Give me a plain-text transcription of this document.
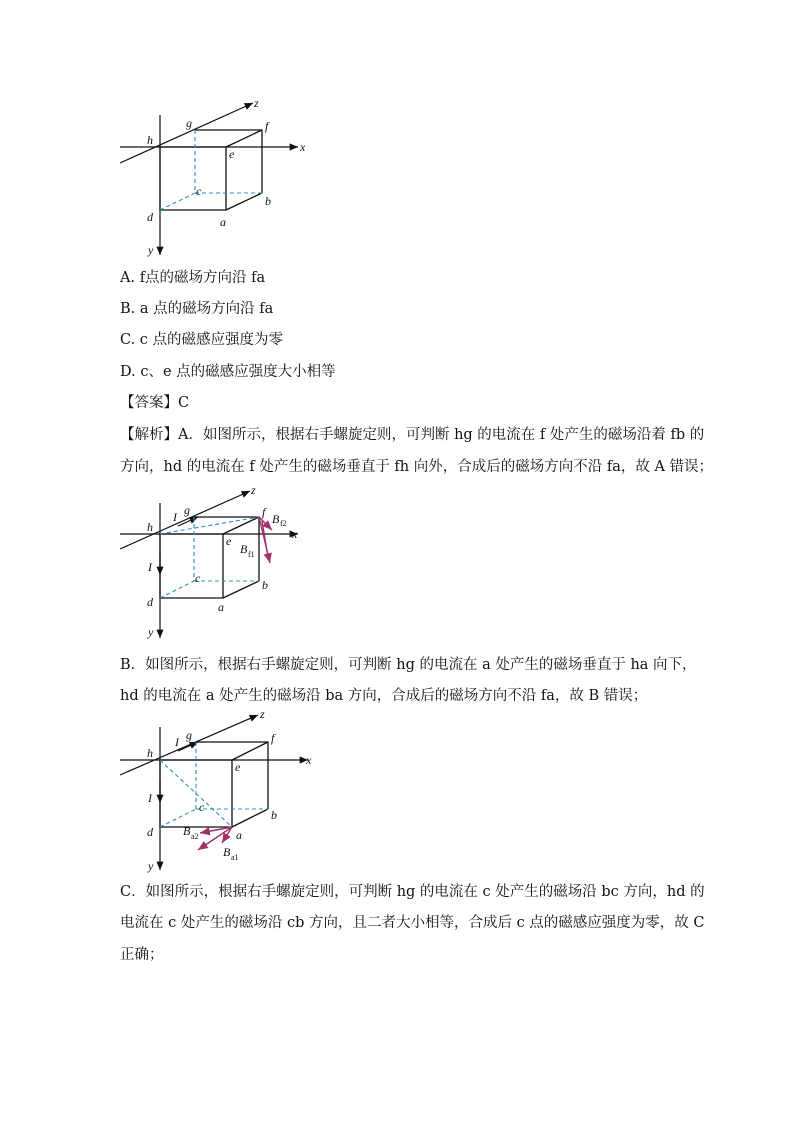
h
g	f
e
c
b
d	a
x
y
z
A. f点的磁场方向沿 fa
B. a 点的磁场方向沿 fa
C. c 点的磁感应强度为零
D. c、e 点的磁感应强度大小相等
【答案】C
【解析】A．如图所示，根据右手螺旋定则，可判断 hg 的电流在 f 处产生的磁场沿着 fb 的
方向，hd 的电流在 f 处产生的磁场垂直于 fh 向外，合成后的磁场方向不沿 fa，故 A 错误；
h
g
I
I
f
e
c	b
d	a
x
y
z
B f2
B f1
B．如图所示，根据右手螺旋定则，可判断 hg 的电流在 a 处产生的磁场垂直于 ha 向下，
hd 的电流在 a 处产生的磁场沿 ba 方向，合成后的磁场方向不沿 fa，故 B 错误；
h
g
I
I
f
e
c
b
d	a
x
y
z
B a2
B a1
C．如图所示，根据右手螺旋定则，可判断 hg 的电流在 c 处产生的磁场沿 bc 方向，hd 的
电流在 c 处产生的磁场沿 cb 方向，且二者大小相等，合成后 c 点的磁感应强度为零，故 C
正确；
